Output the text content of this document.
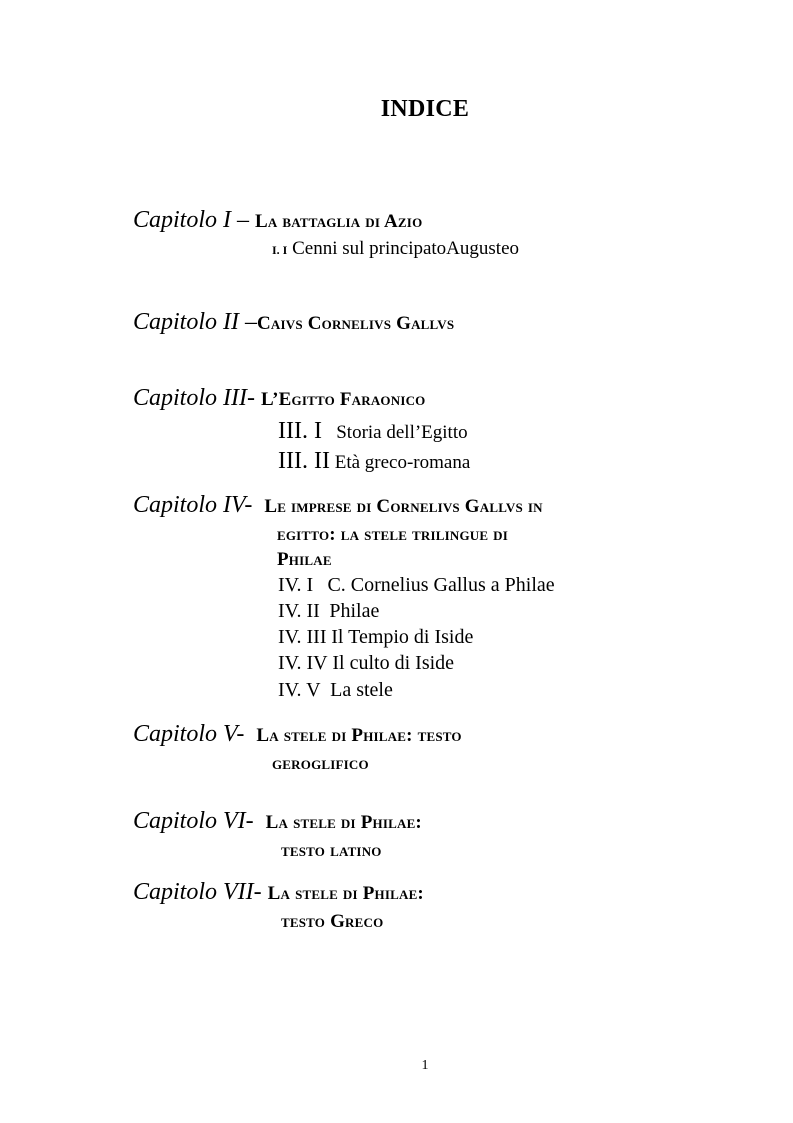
INDICE
Capitolo I – La battaglia di Azio
I. I Cenni sul principatoAugusteo
Capitolo II –Caivs Cornelivs Gallvs
Capitolo III- L’Egitto Faraonico
III. I Storia dell’Egitto
III. II Età greco-romana
Capitolo IV- Le imprese di Cornelivs Gallvs in
egitto: la stele trilingue di
Philae
IV. I C. Cornelius Gallus a Philae
IV. II Philae
IV. III Il Tempio di Iside
IV. IV Il culto di Iside
IV. V La stele
Capitolo V- La stele di Philae: testo
geroglifico
Capitolo VI- La stele di Philae:
testo latino
Capitolo VII- La stele di Philae:
testo Greco
1
